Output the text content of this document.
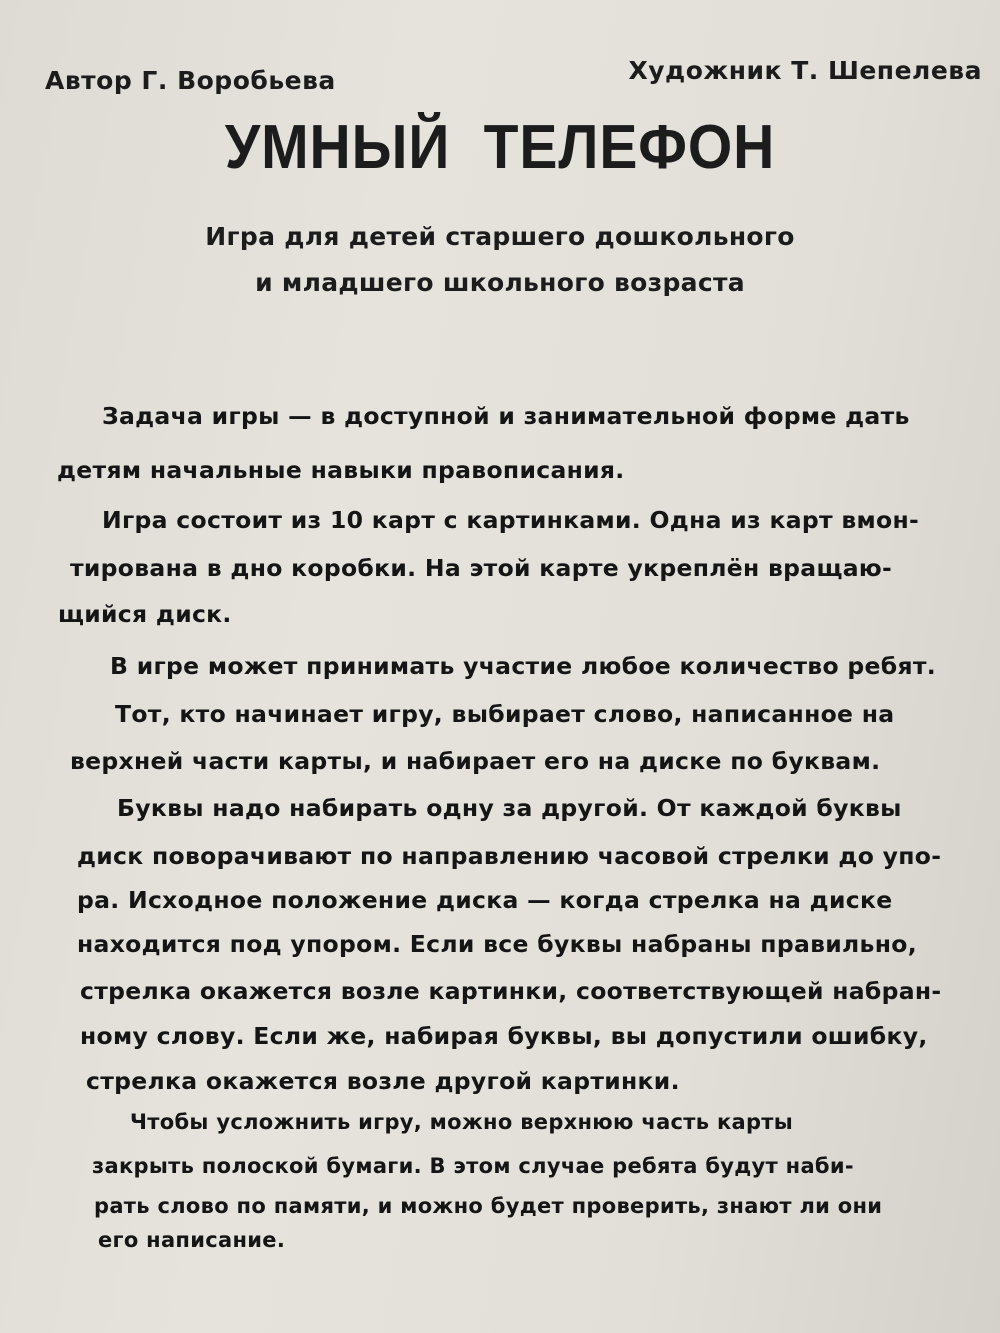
Автор Г. Воробьева	Художник Т. Шепелева
УМНЫЙ ТЕЛЕФОН
Игра для детей старшего дошкольного
и младшего школьного возраста
Задача игры — в доступной и занимательной форме дать
детям начальные навыки правописания.
Игра состоит из 10 карт с картинками. Одна из карт вмон-
тирована в дно коробки. На этой карте укреплён вращаю-
щийся диск.
В игре может принимать участие любое количество ребят.
Тот, кто начинает игру, выбирает слово, написанное на
верхней части карты, и набирает его на диске по буквам.
Буквы надо набирать одну за другой. От каждой буквы
диск поворачивают по направлению часовой стрелки до упо-
ра. Исходное положение диска — когда стрелка на диске
находится под упором. Если все буквы набраны правильно,
стрелка окажется возле картинки, соответствующей набран-
ному слову. Если же, набирая буквы, вы допустили ошибку,
стрелка окажется возле другой картинки.
Чтобы усложнить игру, можно верхнюю часть карты
закрыть полоской бумаги. В этом случае ребята будут наби-
рать слово по памяти, и можно будет проверить, знают ли они
его написание.
